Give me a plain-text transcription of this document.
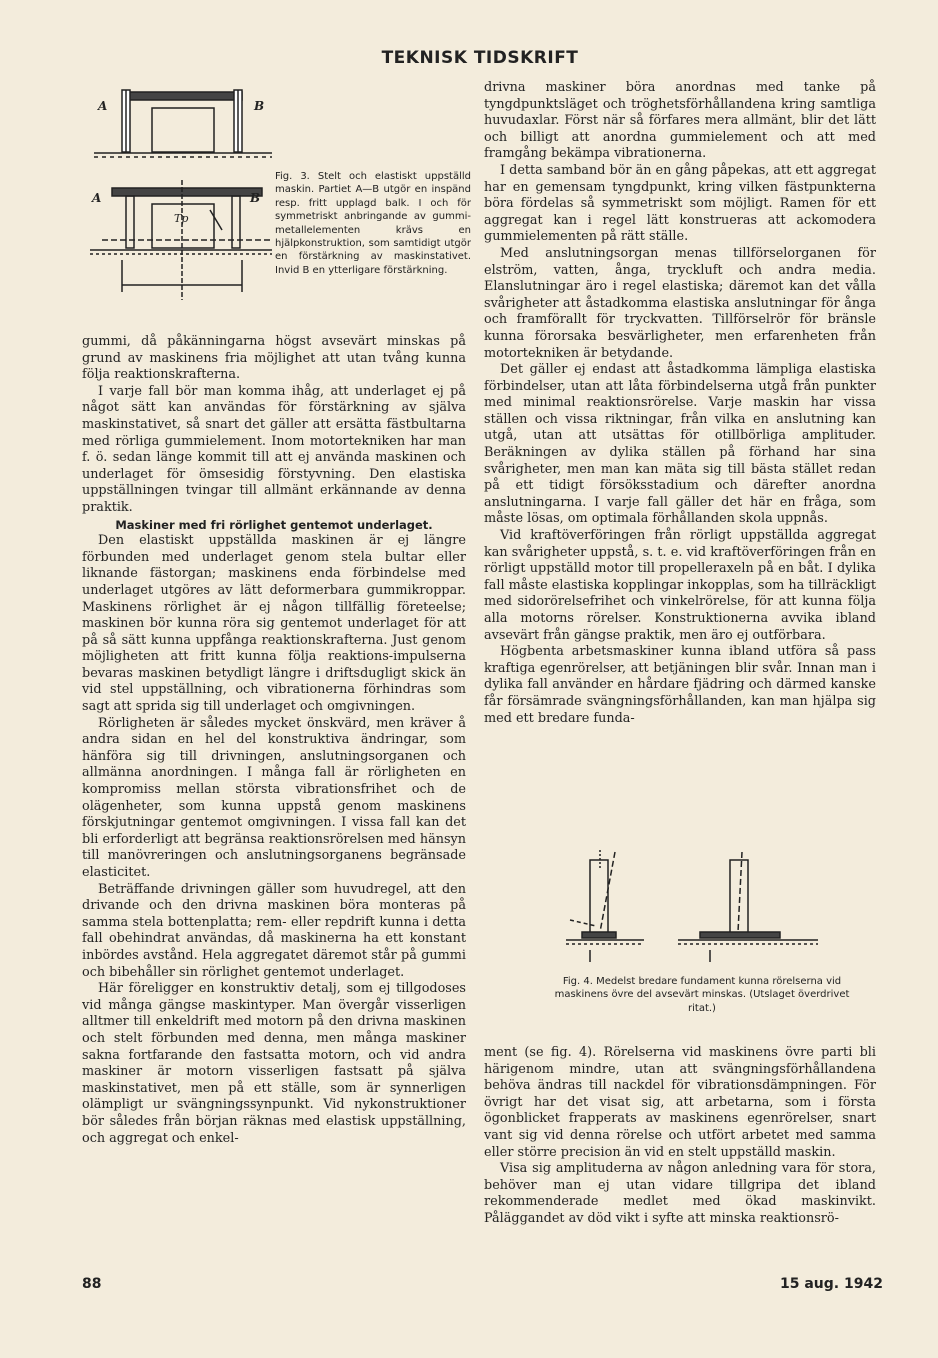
TEKNISK TIDSKRIFT
A	B
A	B
Tp
Fig. 3. Stelt och elastiskt uppställd maskin. Partiet A—B utgör en inspänd resp. fritt upplagd balk. I och för symmetriskt anbringande av gummi-metallelementen krävs en hjälpkonstruktion, som samtidigt utgör en förstärkning av maskinstativet. Invid B en ytterligare förstärkning.

gummi, då påkänningarna högst avsevärt minskas på grund av maskinens fria möjlighet att utan tvång kunna följa reaktionskrafterna.

I varje fall bör man komma ihåg, att underlaget ej på något sätt kan användas för förstärkning av själva maskinstativet, så snart det gäller att ersätta fästbultarna med rörliga gummielement. Inom motortekniken har man f. ö. sedan länge kommit till att ej använda maskinen och underlaget för ömsesidig förstyvning. Den elastiska uppställningen tvingar till allmänt erkännande av denna praktik.

Maskiner med fri rörlighet gentemot underlaget.

Den elastiskt uppställda maskinen är ej längre förbunden med underlaget genom stela bultar eller liknande fästorgan; maskinens enda förbindelse med underlaget utgöres av lätt deformerbara gummikroppar. Maskinens rörlighet är ej någon tillfällig företeelse; maskinen bör kunna röra sig gentemot underlaget för att på så sätt kunna uppfånga reaktionskrafterna. Just genom möjligheten att fritt kunna följa reaktions-impulserna bevaras maskinen betydligt längre i driftsdugligt skick än vid stel uppställning, och vibrationerna förhindras som sagt att sprida sig till underlaget och omgivningen.

Rörligheten är således mycket önskvärd, men kräver å andra sidan en hel del konstruktiva ändringar, som hänföra sig till drivningen, anslutningsorganen och allmänna anordningen. I många fall är rörligheten en kompromiss mellan största vibrationsfrihet och de olägenheter, som kunna uppstå genom maskinens förskjutningar gentemot omgivningen. I vissa fall kan det bli erforderligt att begränsa reaktionsrörelsen med hänsyn till manövreringen och anslutningsorganens begränsade elasticitet.

Beträffande drivningen gäller som huvudregel, att den drivande och den drivna maskinen böra monteras på samma stela bottenplatta; rem- eller repdrift kunna i detta fall obehindrat användas, då maskinerna ha ett konstant inbördes avstånd. Hela aggregatet däremot står på gummi och bibehåller sin rörlighet gentemot underlaget.

Här föreligger en konstruktiv detalj, som ej tillgodoses vid många gängse maskintyper. Man övergår visserligen alltmer till enkeldrift med motorn på den drivna maskinen och stelt förbunden med denna, men många maskiner sakna fortfarande den fastsatta motorn, och vid andra maskiner är motorn visserligen fastsatt på själva maskinstativet, men på ett ställe, som är synnerligen olämpligt ur svängningssynpunkt. Vid nykonstruktioner bör således från början räknas med elastisk uppställning, och aggregat och enkel-

drivna maskiner böra anordnas med tanke på tyngdpunktsläget och tröghetsförhållandena kring samtliga huvudaxlar. Först när så förfares mera allmänt, blir det lätt och billigt att anordna gummielement och att med framgång bekämpa vibrationerna.

I detta samband bör än en gång påpekas, att ett aggregat har en gemensam tyngdpunkt, kring vilken fästpunkterna böra fördelas så symmetriskt som möjligt. Ramen för ett aggregat kan i regel lätt konstrueras att ackomodera gummielementen på rätt ställe.

Med anslutningsorgan menas tillförselorganen för elström, vatten, ånga, tryckluft och andra media. Elanslutningar äro i regel elastiska; däremot kan det vålla svårigheter att åstadkomma elastiska anslutningar för ånga och framförallt för tryckvatten. Tillförselrör för bränsle kunna förorsaka besvärligheter, men erfarenheten från motortekniken är betydande.

Det gäller ej endast att åstadkomma lämpliga elastiska förbindelser, utan att låta förbindelserna utgå från punkter med minimal reaktionsrörelse. Varje maskin har vissa ställen och vissa riktningar, från vilka en anslutning kan utgå, utan att utsättas för otillbörliga amplituder. Beräkningen av dylika ställen på förhand har sina svårigheter, men man kan mäta sig till bästa stället redan på ett tidigt försöksstadium och därefter anordna anslutningarna. I varje fall gäller det här en fråga, som måste lösas, om optimala förhållanden skola uppnås.

Vid kraftöverföringen från rörligt uppställda aggregat kan svårigheter uppstå, s. t. e. vid kraftöverföringen från en rörligt uppställd motor till propelleraxeln på en båt. I dylika fall måste elastiska kopplingar inkopplas, som ha tillräckligt med sidorörelsefrihet och vinkelrörelse, för att kunna följa alla motorns rörelser. Konstruktionerna avvika ibland avsevärt från gängse praktik, men äro ej outförbara.

Högbenta arbetsmaskiner kunna ibland utföra så pass kraftiga egenrörelser, att betjäningen blir svår. Innan man i dylika fall använder en hårdare fjädring och därmed kanske får försämrade svängningsförhållanden, kan man hjälpa sig med ett bredare funda-

Fig. 4. Medelst bredare fundament kunna rörelserna vid maskinens övre del avsevärt minskas. (Utslaget överdrivet ritat.)

ment (se fig. 4). Rörelserna vid maskinens övre parti bli härigenom mindre, utan att svängningsförhållandena behöva ändras till nackdel för vibrationsdämpningen. För övrigt har det visat sig, att arbetarna, som i första ögonblicket frapperats av maskinens egenrörelser, snart vant sig vid denna rörelse och utfört arbetet med samma eller större precision än vid en stelt uppställd maskin.

Visa sig amplituderna av någon anledning vara för stora, behöver man ej utan vidare tillgripa det ibland rekommenderade medlet med ökad maskinvikt. Påläggandet av död vikt i syfte att minska reaktionsrö-

88	15 aug. 1942
